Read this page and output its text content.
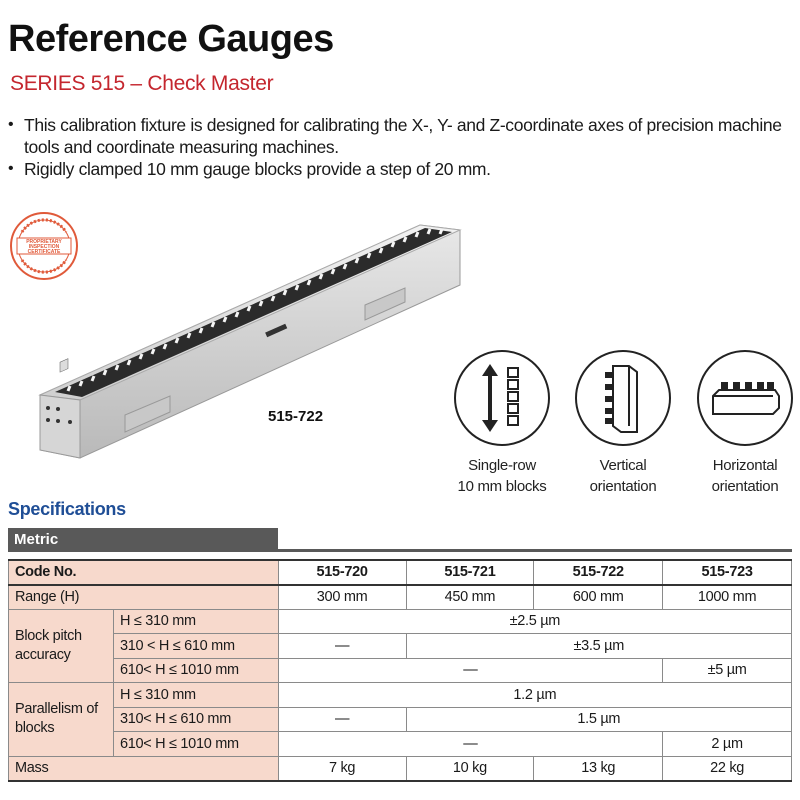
Reference Gauges
SERIES 515 – Check Master
• This calibration fixture is designed for calibrating the X-, Y- and Z-coordinate axes of precision machine tools and coordinate measuring machines.
• Rigidly clamped 10 mm gauge blocks provide a step of 20 mm.
PROPRIETARY
INSPECTION
CERTIFICATE
515-722
Single-row
10 mm blocks
Vertical
orientation
Horizontal
orientation
Specifications
Metric
Code No.		515-720	515-721	515-722	515-723
Range (H)		300 mm	450 mm	600 mm	1000 mm

Block pitch
accuracy	H ≤ 310 mm	±2.5 µm			
	310 < H ≤ 610 mm	—	±3.5 µm		
	610< H ≤ 1010 mm	—			±5 µm

Parallelism of
blocks	H ≤ 310 mm	1.2 µm			
	310< H ≤ 610 mm	—	1.5 µm		
	610< H ≤ 1010 mm	—			2 µm
Mass		7 kg	10 kg	13 kg	22 kg
